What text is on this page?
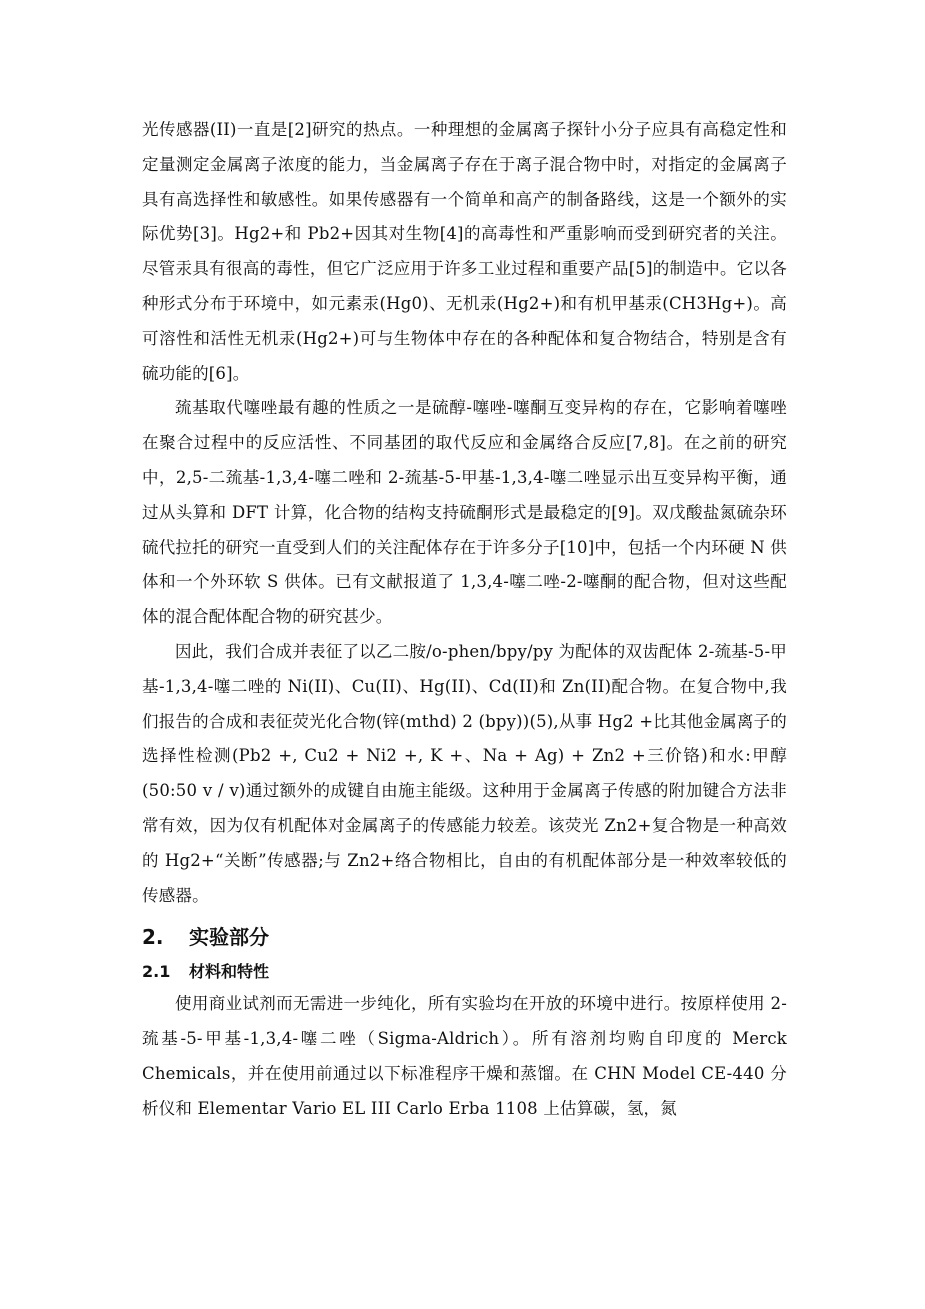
光传感器(II)一直是[2]研究的热点。一种理想的金属离子探针小分子应具有高稳定性和定量测定金属离子浓度的能力，当金属离子存在于离子混合物中时，对指定的金属离子具有高选择性和敏感性。如果传感器有一个简单和高产的制备路线，这是一个额外的实际优势[3]。Hg2+和 Pb2+因其对生物[4]的高毒性和严重影响而受到研究者的关注。尽管汞具有很高的毒性，但它广泛应用于许多工业过程和重要产品[5]的制造中。它以各种形式分布于环境中，如元素汞(Hg0)、无机汞(Hg2+)和有机甲基汞(CH3Hg+)。高可溶性和活性无机汞(Hg2+)可与生物体中存在的各种配体和复合物结合，特别是含有硫功能的[6]。

巯基取代噻唑最有趣的性质之一是硫醇-噻唑-噻酮互变异构的存在，它影响着噻唑在聚合过程中的反应活性、不同基团的取代反应和金属络合反应[7,8]。在之前的研究中，2,5-二巯基-1,3,4-噻二唑和 2-巯基-5-甲基-1,3,4-噻二唑显示出互变异构平衡，通过从头算和 DFT 计算，化合物的结构支持硫酮形式是最稳定的[9]。双戊酸盐氮硫杂环硫代拉托的研究一直受到人们的关注配体存在于许多分子[10]中，包括一个内环硬 N 供体和一个外环软 S 供体。已有文献报道了 1,3,4-噻二唑-2-噻酮的配合物，但对这些配体的混合配体配合物的研究甚少。

因此，我们合成并表征了以乙二胺/o-phen/bpy/py 为配体的双齿配体 2-巯基-5-甲基-1,3,4-噻二唑的 Ni(II)、Cu(II)、Hg(II)、Cd(II)和 Zn(II)配合物。在复合物中,我们报告的合成和表征荧光化合物(锌(mthd) 2 (bpy))(5),从事 Hg2 +比其他金属离子的选择性检测(Pb2 +, Cu2 + Ni2 +, K +、Na + Ag) + Zn2 +三价铬)和水:甲醇(50:50 v / v)通过额外的成键自由施主能级。这种用于金属离子传感的附加键合方法非常有效，因为仅有机配体对金属离子的传感能力较差。该荧光 Zn2+复合物是一种高效的 Hg2+“关断”传感器;与 Zn2+络合物相比，自由的有机配体部分是一种效率较低的传感器。

2.	实验部分
2.1	材料和特性

使用商业试剂而无需进一步纯化，所有实验均在开放的环境中进行。按原样使用 2-巯基-5-甲基-1,3,4-噻二唑（Sigma-Aldrich）。所有溶剂均购自印度的 Merck Chemicals，并在使用前通过以下标准程序干燥和蒸馏。在 CHN Model CE-440 分析仪和 Elementar Vario EL III Carlo Erba 1108 上估算碳，氢，氮
